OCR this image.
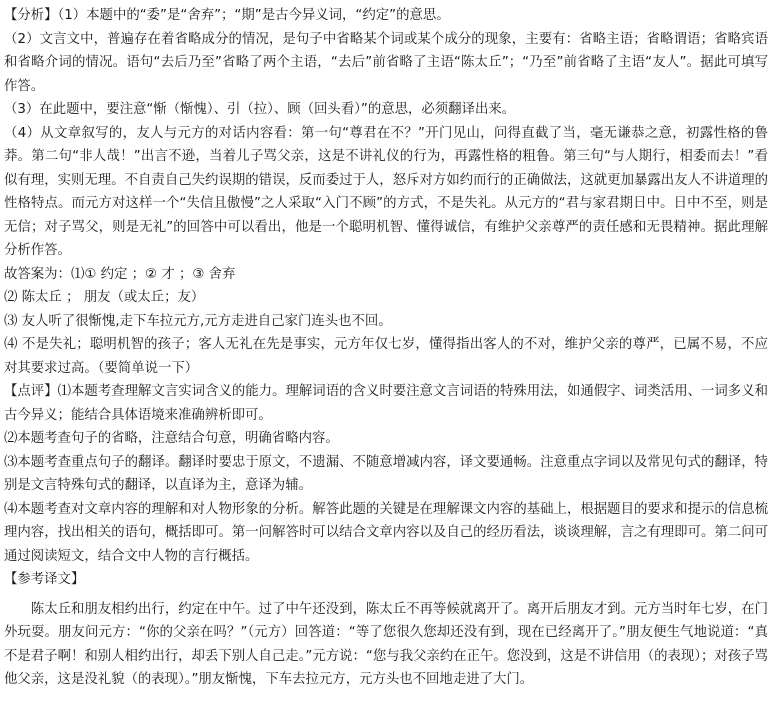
【分析】（1）本题中的“委”是“舍弃”；“期”是古今异义词，“约定”的意思。

（2）文言文中，普遍存在着省略成分的情况，是句子中省略某个词或某个成分的现象，主要有：省略主语；省略谓语；省略宾语和省略介词的情况。语句“去后乃至”省略了两个主语，“去后”前省略了主语“陈太丘”；“乃至”前省略了主语“友人”。据此可填写作答。

（3）在此题中，要注意“惭（惭愧）、引（拉）、顾（回头看）”的意思，必须翻译出来。

（4）从文章叙写的，友人与元方的对话内容看：第一句“尊君在不？”开门见山，问得直截了当，毫无谦恭之意，初露性格的鲁莽。第二句“非人哉！”出言不逊，当着儿子骂父亲，这是不讲礼仪的行为，再露性格的粗鲁。第三句“与人期行，相委而去！”看似有理，实则无理。不自责自己失约误期的错误，反而委过于人，怒斥对方如约而行的正确做法，这就更加暴露出友人不讲道理的性格特点。而元方对这样一个“失信且傲慢”之人采取“入门不顾”的方式，不是失礼。从元方的“君与家君期日中。日中不至，则是无信；对子骂父，则是无礼”的回答中可以看出，他是一个聪明机智、懂得诚信，有维护父亲尊严的责任感和无畏精神。据此理解分析作答。

故答案为：⑴① 约定 ；② 才 ；③ 舍弃

⑵ 陈太丘 ； 朋友（或太丘；友）

⑶ 友人听了很惭愧,走下车拉元方,元方走进自己家门连头也不回。

⑷ 不是失礼；聪明机智的孩子；客人无礼在先是事实，元方年仅七岁，懂得指出客人的不对，维护父亲的尊严，已属不易，不应对其要求过高。（要简单说一下）

【点评】⑴本题考查理解文言实词含义的能力。理解词语的含义时要注意文言词语的特殊用法，如通假字、词类活用、一词多义和古今异义；能结合具体语境来准确辨析即可。

⑵本题考查句子的省略，注意结合句意，明确省略内容。

⑶本题考查重点句子的翻译。翻译时要忠于原文，不遗漏、不随意增减内容，译文要通畅。注意重点字词以及常见句式的翻译，特别是文言特殊句式的翻译，以直译为主，意译为辅。

⑷本题考查对文章内容的理解和对人物形象的分析。解答此题的关键是在理解课文内容的基础上，根据题目的要求和提示的信息梳理内容，找出相关的语句，概括即可。第一问解答时可以结合文章内容以及自己的经历看法，谈谈理解，言之有理即可。第二问可通过阅读短文，结合文中人物的言行概括。

【参考译文】

陈太丘和朋友相约出行，约定在中午。过了中午还没到，陈太丘不再等候就离开了。离开后朋友才到。元方当时年七岁，在门外玩耍。朋友问元方：“你的父亲在吗？”（元方）回答道：“等了您很久您却还没有到，现在已经离开了。”朋友便生气地说道：“真不是君子啊！和别人相约出行，却丢下别人自己走。”元方说：“您与我父亲约在正午。您没到，这是不讲信用（的表现）；对孩子骂他父亲，这是没礼貌（的表现）。”朋友惭愧，下车去拉元方，元方头也不回地走进了大门。
